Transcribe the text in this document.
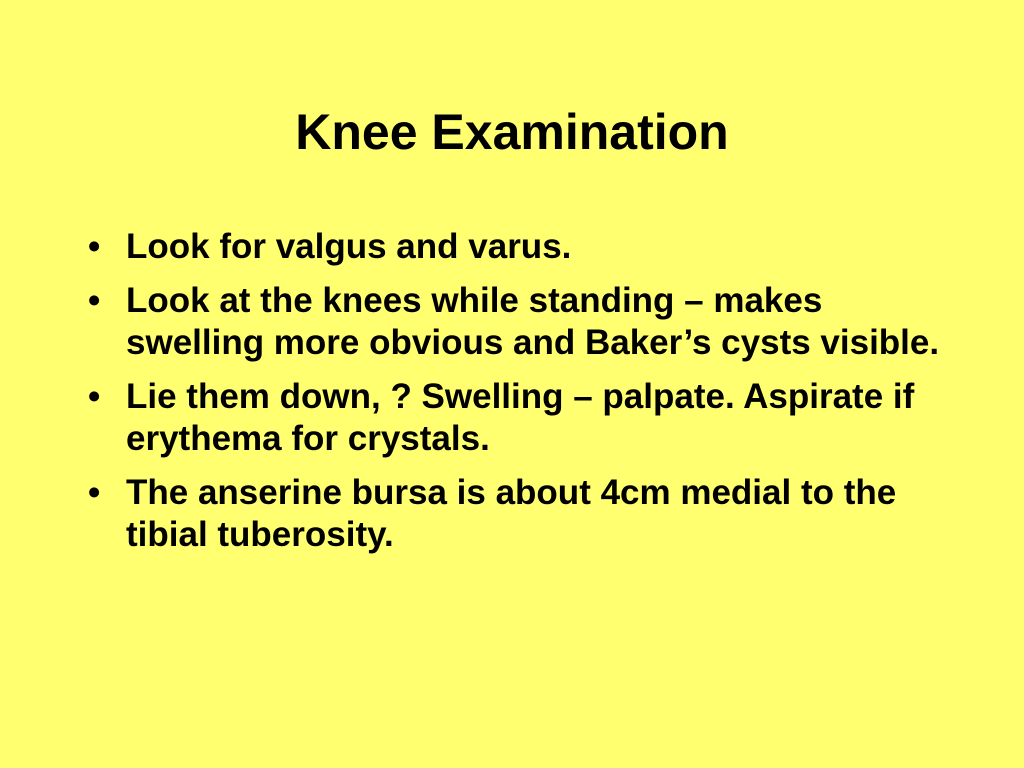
Knee Examination
• Look for valgus and varus.
• Look at the knees while standing – makes swelling more obvious and Baker’s cysts visible.
• Lie them down, ? Swelling – palpate. Aspirate if erythema for crystals.
• The anserine bursa is about 4cm medial to the tibial tuberosity.
